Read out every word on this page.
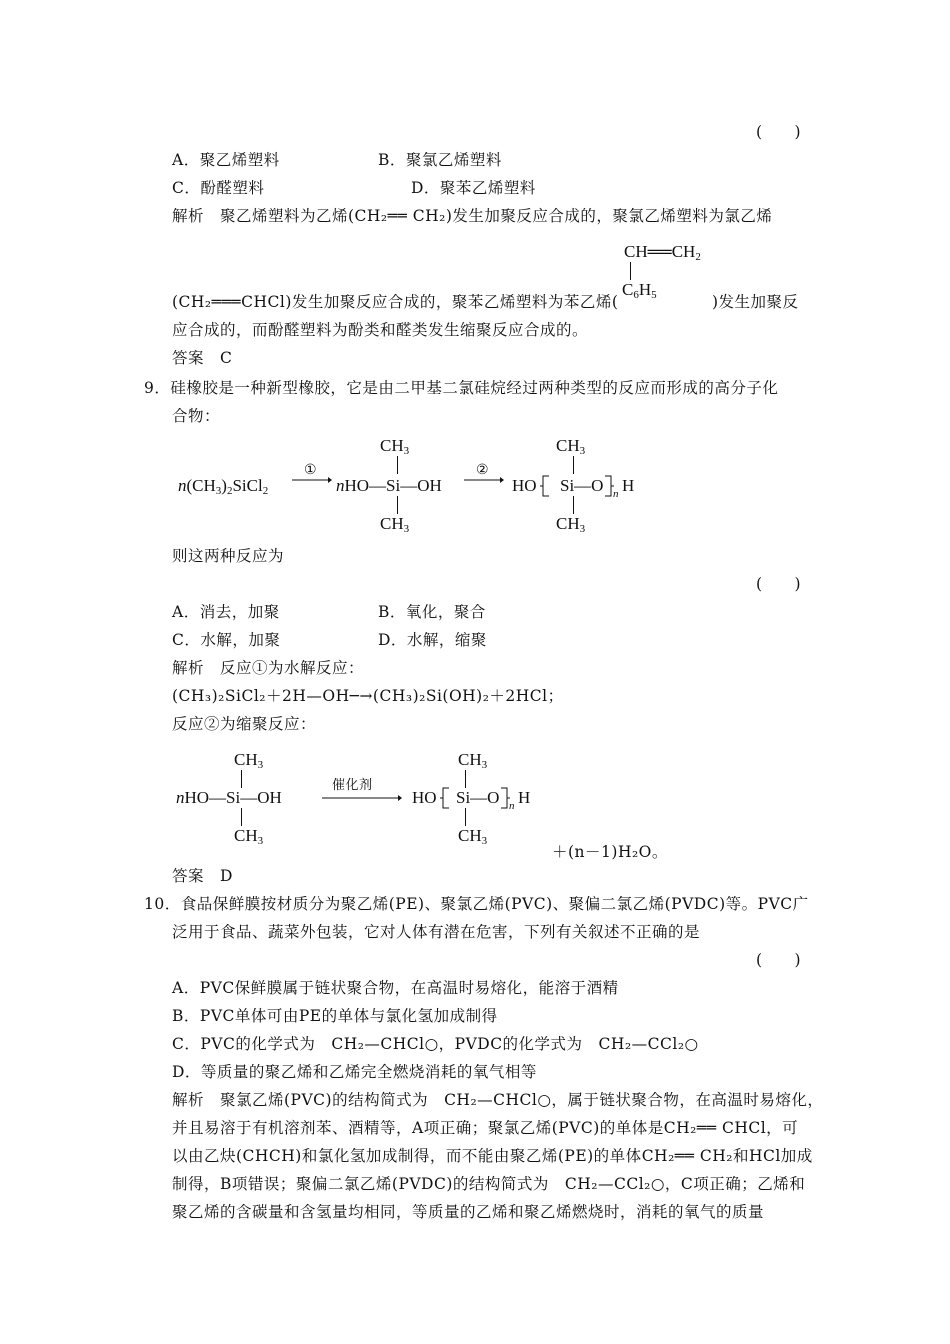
(　　)
A．聚乙烯塑料	B．聚氯乙烯塑料
C．酚醛塑料	D．聚苯乙烯塑料
解析　聚乙烯塑料为乙烯(CH₂══ CH₂)发生加聚反应合成的，聚氯乙烯塑料为氯乙烯
$CH══CH_2$
$C_6H_5$
(CH₂═══CHCl)发生加聚反应合成的，聚苯乙烯塑料为苯乙烯(	)发生加聚反
应合成的，而酚醛塑料为酚类和醛类发生缩聚反应合成的。
答案　C
9．硅橡胶是一种新型橡胶，它是由二甲基二氯硅烷经过两种类型的反应而形成的高分子化
合物：
$n(CH_3)_2SiCl_2$
①
$CH_3$
nHO—Si—OH
$CH_3$
②
$CH_3$
HO Si—O n H
$CH_3$
则这两种反应为
(　　)
A．消去，加聚	B．氧化，聚合
C．水解，加聚	D．水解，缩聚
解析　反应①为水解反应：
(CH₃)₂SiCl₂＋2H—OH─→(CH₃)₂Si(OH)₂＋2HCl；
反应②为缩聚反应：
$CH_3$
nHO—Si—OH
$CH_3$
催化剂
$CH_3$
HO Si—O n H
$CH_3$
＋(n－1)H₂O。
答案　D
10．食品保鲜膜按材质分为聚乙烯(PE)、聚氯乙烯(PVC)、聚偏二氯乙烯(PVDC)等。PVC广
泛用于食品、蔬菜外包装，它对人体有潜在危害，下列有关叙述不正确的是
(　　)
A．PVC保鲜膜属于链状聚合物，在高温时易熔化，能溶于酒精
B．PVC单体可由PE的单体与氯化氢加成制得
C．PVC的化学式为　CH₂—CHCl○，PVDC的化学式为　CH₂—CCl₂○
D．等质量的聚乙烯和乙烯完全燃烧消耗的氧气相等
解析　聚氯乙烯(PVC)的结构简式为　CH₂—CHCl○，属于链状聚合物，在高温时易熔化，
并且易溶于有机溶剂苯、酒精等，A项正确；聚氯乙烯(PVC)的单体是CH₂══ CHCl，可
以由乙炔(CHCH)和氯化氢加成制得，而不能由聚乙烯(PE)的单体CH₂══ CH₂和HCl加成
制得，B项错误；聚偏二氯乙烯(PVDC)的结构简式为　CH₂—CCl₂○，C项正确；乙烯和
聚乙烯的含碳量和含氢量均相同，等质量的乙烯和聚乙烯燃烧时，消耗的氧气的质量
